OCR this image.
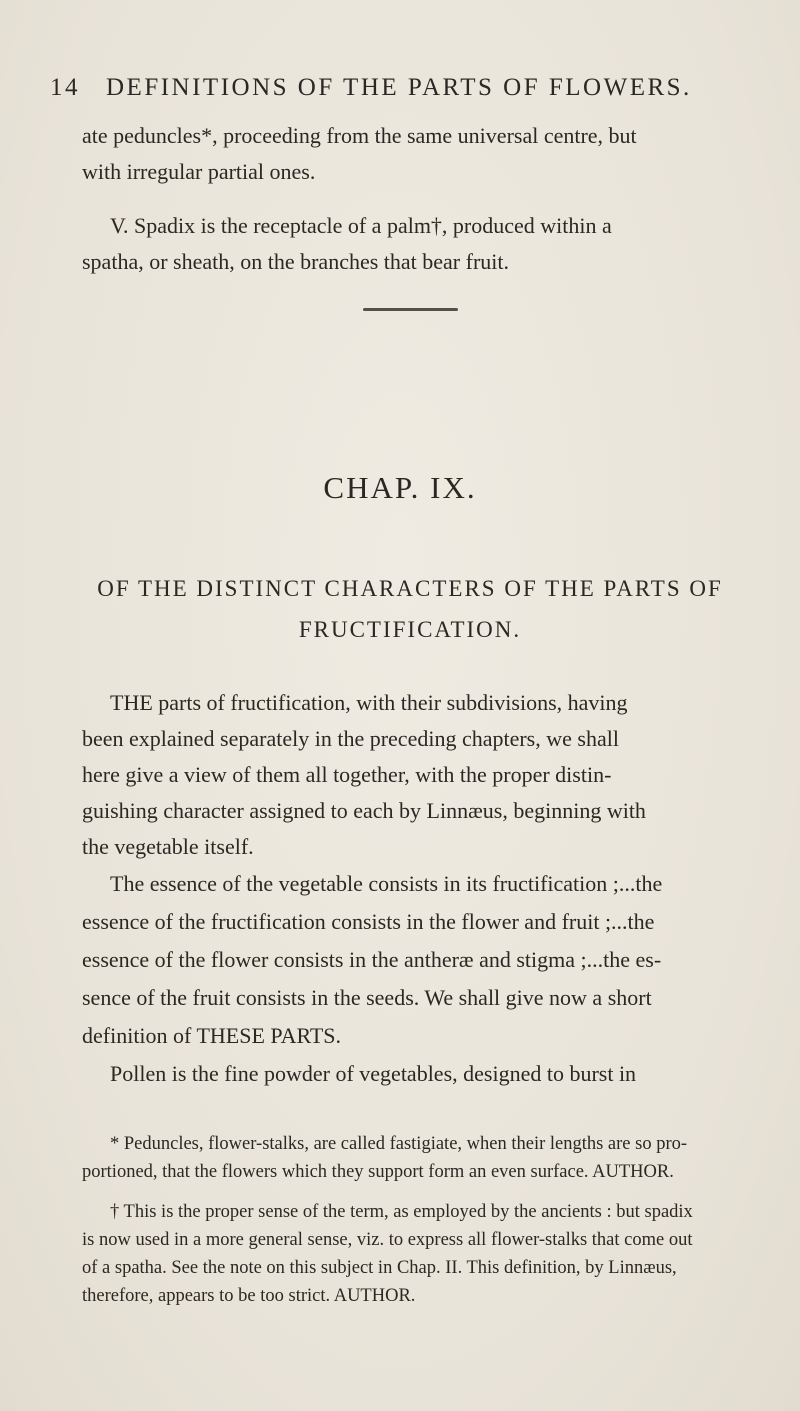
14 DEFINITIONS OF THE PARTS OF FLOWERS.
ate peduncles*, proceeding from the same universal centre, but
with irregular partial ones.
V. Spadix is the receptacle of a palm†, produced within a
spatha, or sheath, on the branches that bear fruit.
CHAP. IX.
OF THE DISTINCT CHARACTERS OF THE PARTS OF
FRUCTIFICATION.
THE parts of fructification, with their subdivisions, having
been explained separately in the preceding chapters, we shall
here give a view of them all together, with the proper distin-
guishing character assigned to each by Linnæus, beginning with
the vegetable itself.
The essence of the vegetable consists in its fructification ;...the
essence of the fructification consists in the flower and fruit ;...the
essence of the flower consists in the antheræ and stigma ;...the es-
sence of the fruit consists in the seeds. We shall give now a short
definition of THESE PARTS.
Pollen is the fine powder of vegetables, designed to burst in
* Peduncles, flower-stalks, are called fastigiate, when their lengths are so pro-
portioned, that the flowers which they support form an even surface. AUTHOR.
† This is the proper sense of the term, as employed by the ancients : but spadix
is now used in a more general sense, viz. to express all flower-stalks that come out
of a spatha. See the note on this subject in Chap. II. This definition, by Linnæus,
therefore, appears to be too strict. AUTHOR.
